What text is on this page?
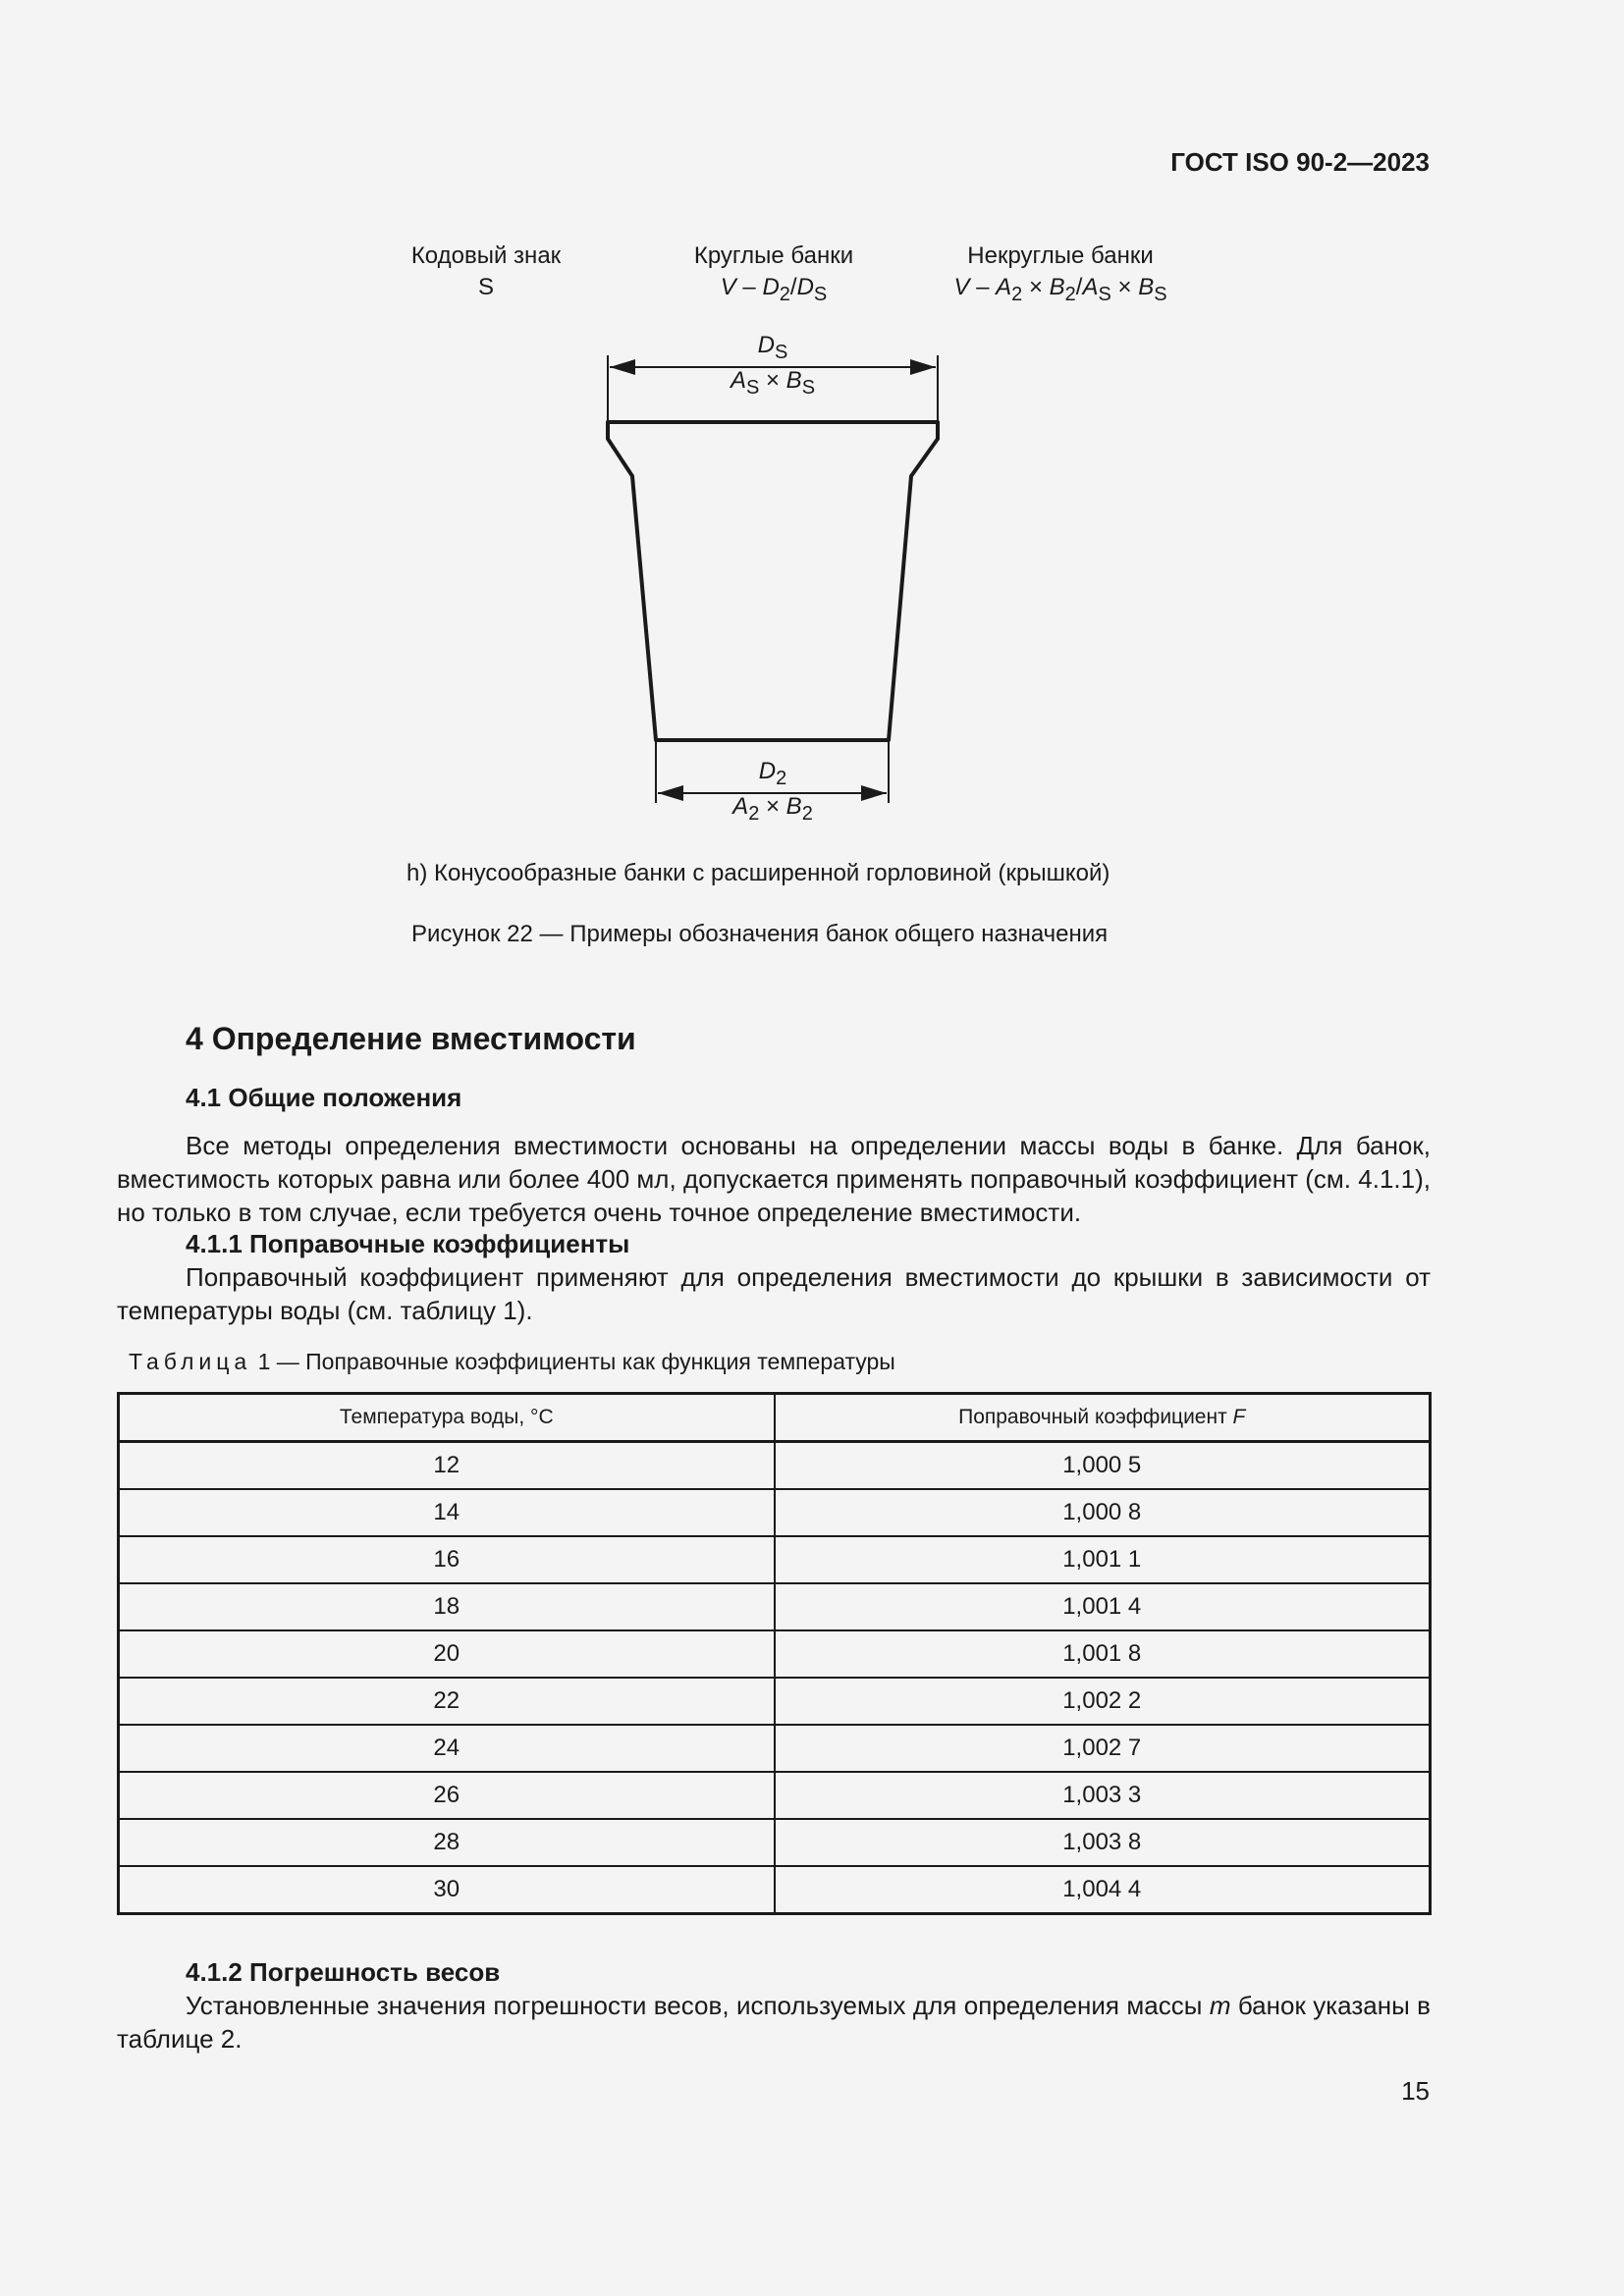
ГОСТ ISO 90-2—2023
Кодовый знак
S
Круглые банки
V – $D_2/D_S$
Некруглые банки
$V - A_2 \times B_2/A_S \times B_S$
$D_S$
$A_S \times B_S$
$D_2$
$A_2 \times B_2$
h) Конусообразные банки с расширенной горловиной (крышкой)
Рисунок 22 — Примеры обозначения банок общего назначения
4 Определение вместимости
4.1 Общие положения
Все методы определения вместимости основаны на определении массы воды в банке. Для банок, вместимость которых равна или более 400 мл, допускается применять поправочный коэффициент (см. 4.1.1), но только в том случае, если требуется очень точное определение вместимости.
4.1.1 Поправочные коэффициенты
Поправочный коэффициент применяют для определения вместимости до крышки в зависимости от температуры воды (см. таблицу 1).
Таблица 1 — Поправочные коэффициенты как функция температуры
Температура воды, °C	Поправочный коэффициент F
12	1,000 5
14	1,000 8
16	1,001 1
18	1,001 4
20	1,001 8
22	1,002 2
24	1,002 7
26	1,003 3
28	1,003 8
30	1,004 4
4.1.2 Погрешность весов
Установленные значения погрешности весов, используемых для определения массы m банок указаны в таблице 2.
15
